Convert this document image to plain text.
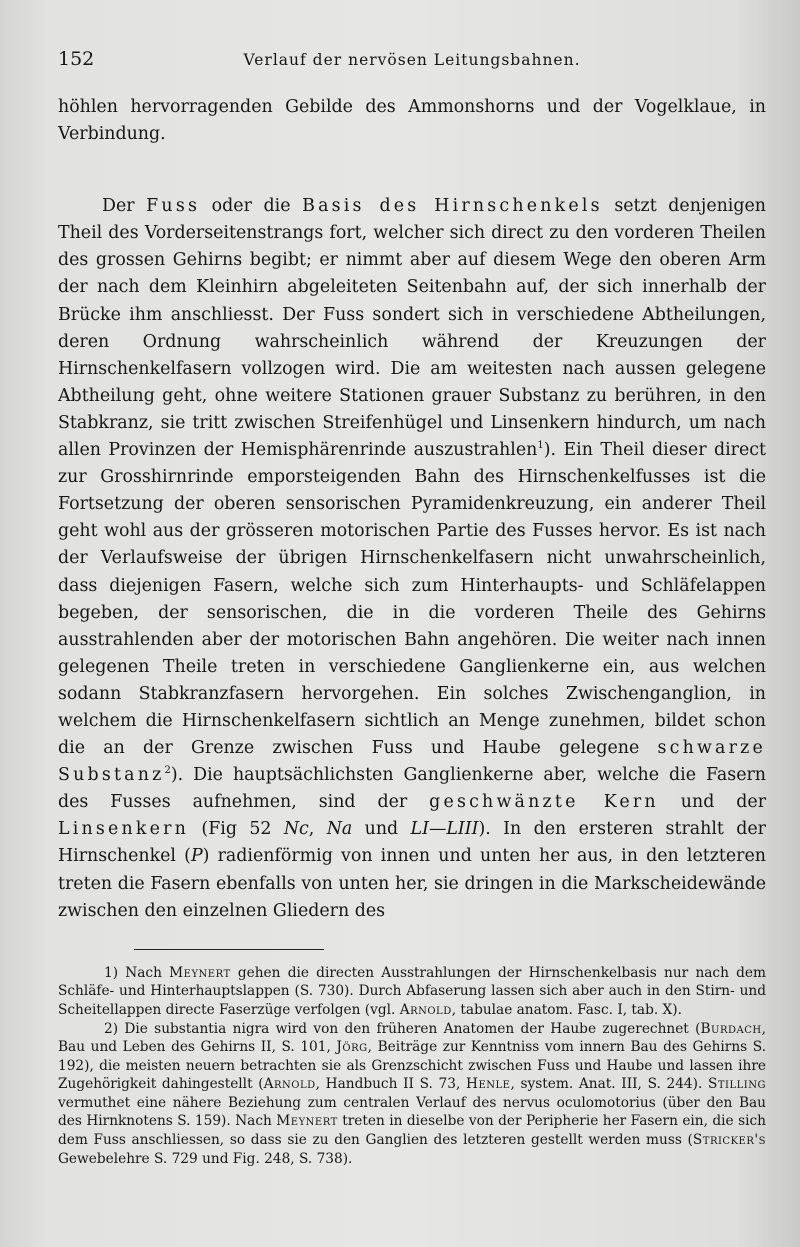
152	Verlauf der nervösen Leitungsbahnen.

höhlen hervorragenden Gebilde des Ammonshorns und der Vogelklaue, in Verbindung.

Der Fuss oder die Basis des Hirnschenkels setzt denjenigen Theil des Vorderseitenstrangs fort, welcher sich direct zu den vorderen Theilen des grossen Gehirns begibt; er nimmt aber auf diesem Wege den oberen Arm der nach dem Kleinhirn abgeleiteten Seitenbahn auf, der sich innerhalb der Brücke ihm anschliesst. Der Fuss sondert sich in verschiedene Abtheilungen, deren Ordnung wahrscheinlich während der Kreuzungen der Hirnschenkelfasern vollzogen wird. Die am weitesten nach aussen gelegene Abtheilung geht, ohne weitere Stationen grauer Substanz zu berühren, in den Stabkranz, sie tritt zwischen Streifenhügel und Linsenkern hindurch, um nach allen Provinzen der Hemisphärenrinde auszustrahlen$^1$). Ein Theil dieser direct zur Grosshirnrinde emporsteigenden Bahn des Hirnschenkelfusses ist die Fortsetzung der oberen sensorischen Pyramidenkreuzung, ein anderer Theil geht wohl aus der grösseren motorischen Partie des Fusses hervor. Es ist nach der Verlaufsweise der übrigen Hirnschenkelfasern nicht unwahrscheinlich, dass diejenigen Fasern, welche sich zum Hinterhaupts- und Schläfelappen begeben, der sensorischen, die in die vorderen Theile des Gehirns ausstrahlenden aber der motorischen Bahn angehören. Die weiter nach innen gelegenen Theile treten in verschiedene Ganglienkerne ein, aus welchen sodann Stabkranzfasern hervorgehen. Ein solches Zwischenganglion, in welchem die Hirnschenkelfasern sichtlich an Menge zunehmen, bildet schon die an der Grenze zwischen Fuss und Haube gelegene schwarze Substanz$^2$). Die hauptsächlichsten Ganglienkerne aber, welche die Fasern des Fusses aufnehmen, sind der geschwänzte Kern und der Linsenkern (Fig 52 Nc, Na und LI—LIII). In den ersteren strahlt der Hirnschenkel (P) radienförmig von innen und unten her aus, in den letzteren treten die Fasern ebenfalls von unten her, sie dringen in die Markscheidewände zwischen den einzelnen Gliedern des

1) Nach Meynert gehen die directen Ausstrahlungen der Hirnschenkelbasis nur nach dem Schläfe- und Hinterhauptslappen (S. 730). Durch Abfaserung lassen sich aber auch in den Stirn- und Scheitellappen directe Faserzüge verfolgen (vgl. Arnold, tabulae anatom. Fasc. I, tab. X).

2) Die substantia nigra wird von den früheren Anatomen der Haube zugerechnet (Burdach, Bau und Leben des Gehirns II, S. 101, Jörg, Beiträge zur Kenntniss vom innern Bau des Gehirns S. 192), die meisten neuern betrachten sie als Grenzschicht zwischen Fuss und Haube und lassen ihre Zugehörigkeit dahingestellt (Arnold, Handbuch II S. 73, Henle, system. Anat. III, S. 244). Stilling vermuthet eine nähere Beziehung zum centralen Verlauf des nervus oculomotorius (über den Bau des Hirnknotens S. 159). Nach Meynert treten in dieselbe von der Peripherie her Fasern ein, die sich dem Fuss anschliessen, so dass sie zu den Ganglien des letzteren gestellt werden muss (Stricker's Gewebelehre S. 729 und Fig. 248, S. 738).
